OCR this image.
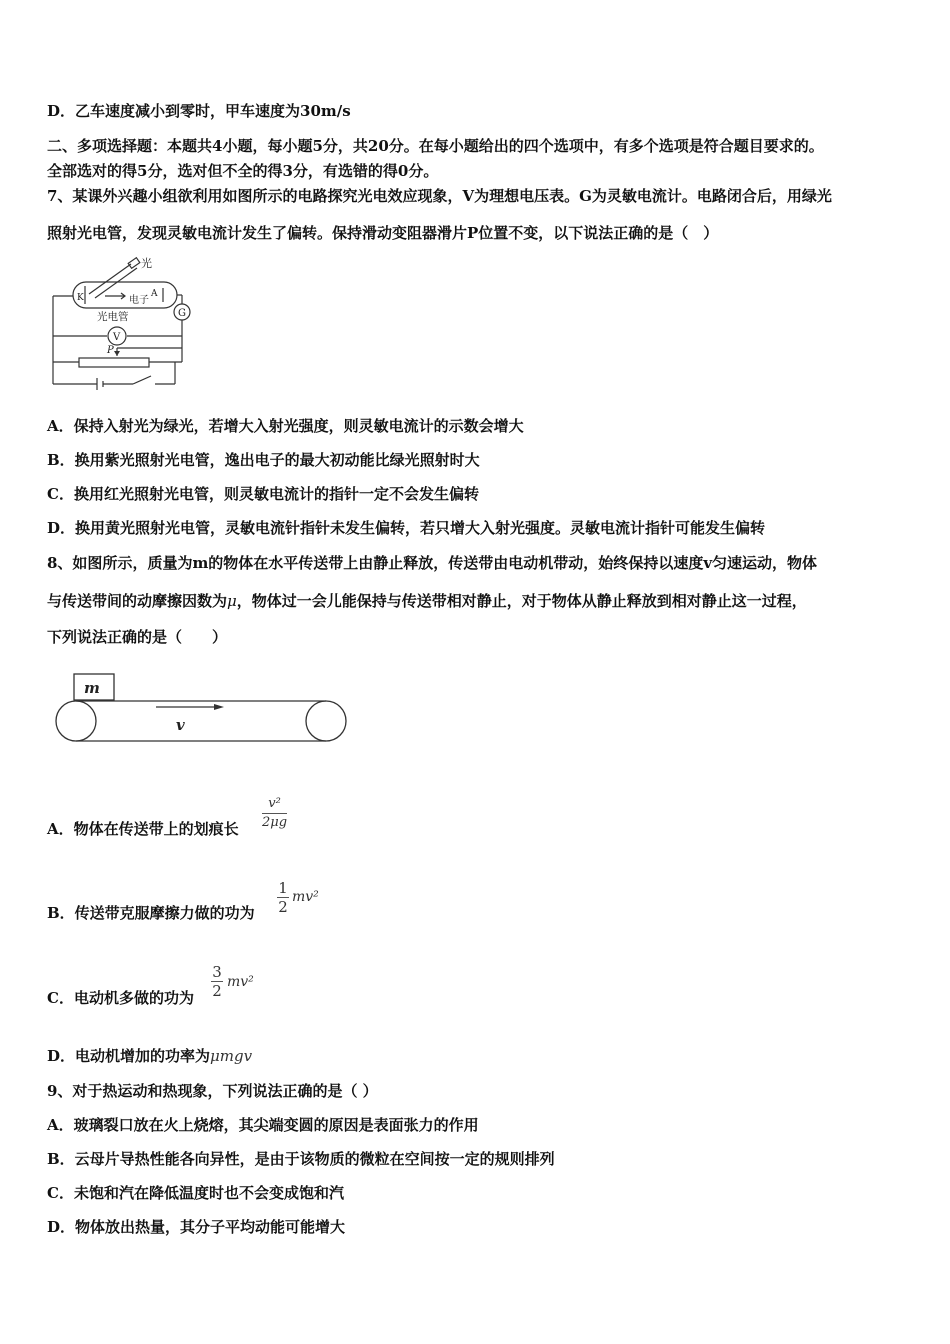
D．乙车速度减小到零时，甲车速度为30m/s
二、多项选择题：本题共4小题，每小题5分，共20分。在每小题给出的四个选项中，有多个选项是符合题目要求的。
全部选对的得5分，选对但不全的得3分，有选错的得0分。
7、某课外兴趣小组欲利用如图所示的电路探究光电效应现象，V为理想电压表。G为灵敏电流计。电路闭合后，用绿光
照射光电管，发现灵敏电流计发生了偏转。保持滑动变阻器滑片P位置不变，以下说法正确的是（　）
光
电子
光电管
K	A
V
G
P
A．保持入射光为绿光，若增大入射光强度，则灵敏电流计的示数会增大
B．换用紫光照射光电管，逸出电子的最大初动能比绿光照射时大
C．换用红光照射光电管，则灵敏电流计的指针一定不会发生偏转
D．换用黄光照射光电管，灵敏电流针指针未发生偏转，若只增大入射光强度。灵敏电流计指针可能发生偏转
8、如图所示，质量为m的物体在水平传送带上由静止释放，传送带由电动机带动，始终保持以速度v匀速运动，物体
与传送带间的动摩擦因数为μ，物体过一会儿能保持与传送带相对静止，对于物体从静止释放到相对静止这一过程，
下列说法正确的是（　　）
m
v
A．物体在传送带上的划痕长
v²
2μg
B．传送带克服摩擦力做的功为
1
2
mv²
C．电动机多做的功为
3
2 mv²
D．电动机增加的功率为μmgv
9、对于热运动和热现象，下列说法正确的是（ ）
A．玻璃裂口放在火上烧熔，其尖端变圆的原因是表面张力的作用
B．云母片导热性能各向异性，是由于该物质的微粒在空间按一定的规则排列
C．未饱和汽在降低温度时也不会变成饱和汽
D．物体放出热量，其分子平均动能可能增大
